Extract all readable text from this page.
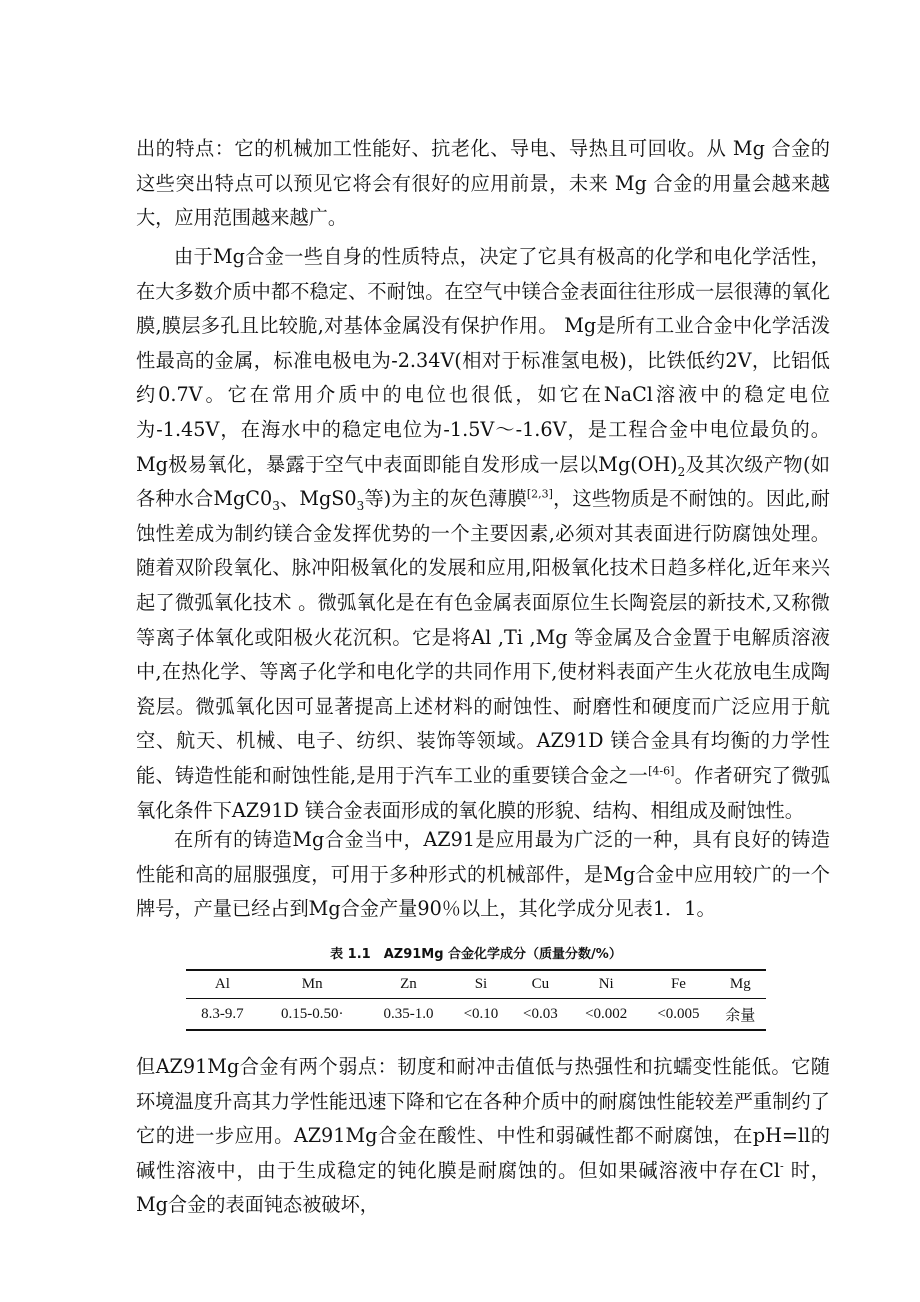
出的特点：它的机械加工性能好、抗老化、导电、导热且可回收。从 Mg 合金的这些突出特点可以预见它将会有很好的应用前景，未来 Mg 合金的用量会越来越大，应用范围越来越广。

由于Mg合金一些自身的性质特点，决定了它具有极高的化学和电化学活性，在大多数介质中都不稳定、不耐蚀。在空气中镁合金表面往往形成一层很薄的氧化膜,膜层多孔且比较脆,对基体金属没有保护作用。 Mg是所有工业合金中化学活泼性最高的金属，标准电极电为-2.34V(相对于标准氢电极)，比铁低约2V，比铝低约0.7V。它在常用介质中的电位也很低，如它在NaCl溶液中的稳定电位为-1.45V，在海水中的稳定电位为-1.5V～-1.6V，是工程合金中电位最负的。Mg极易氧化，暴露于空气中表面即能自发形成一层以$Mg(OH)_2$及其次级产物(如各种水合$MgC0_3$、$MgS0_3$等)为主的灰色薄膜[2,3]，这些物质是不耐蚀的。因此,耐蚀性差成为制约镁合金发挥优势的一个主要因素,必须对其表面进行防腐蚀处理。随着双阶段氧化、脉冲阳极氧化的发展和应用,阳极氧化技术日趋多样化,近年来兴起了微弧氧化技术 。微弧氧化是在有色金属表面原位生长陶瓷层的新技术,又称微等离子体氧化或阳极火花沉积。它是将Al ,Ti ,Mg 等金属及合金置于电解质溶液中,在热化学、等离子化学和电化学的共同作用下,使材料表面产生火花放电生成陶瓷层。微弧氧化因可显著提高上述材料的耐蚀性、耐磨性和硬度而广泛应用于航空、航天、机械、电子、纺织、装饰等领域。AZ91D 镁合金具有均衡的力学性能、铸造性能和耐蚀性能,是用于汽车工业的重要镁合金之一[4-6]。作者研究了微弧氧化条件下AZ91D 镁合金表面形成的氧化膜的形貌、结构、相组成及耐蚀性。

在所有的铸造Mg合金当中，AZ91是应用最为广泛的一种，具有良好的铸造性能和高的屈服强度，可用于多种形式的机械部件，是Mg合金中应用较广的一个牌号，产量已经占到Mg合金产量90％以上，其化学成分见表1．1。

表 1.1　AZ91Mg 合金化学成分（质量分数/%）
Al	Mn	Zn	Si	Cu	Ni	Fe	Mg
8.3-9.7	0.15-0.50·	0.35-1.0	<0.10	<0.03	<0.002	<0.005	余量

但AZ91Mg合金有两个弱点：韧度和耐冲击值低与热强性和抗蠕变性能低。它随环境温度升高其力学性能迅速下降和它在各种介质中的耐腐蚀性能较差严重制约了它的进一步应用。AZ91Mg合金在酸性、中性和弱碱性都不耐腐蚀，在pH=ll的碱性溶液中，由于生成稳定的钝化膜是耐腐蚀的。但如果碱溶液中存在Cl- 时，Mg合金的表面钝态被破坏，
